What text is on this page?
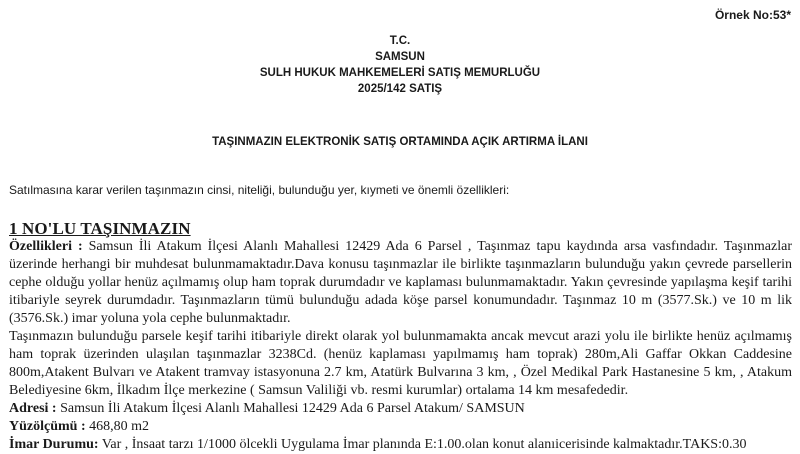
Örnek No:53*
T.C.
SAMSUN
SULH HUKUK MAHKEMELERİ SATIŞ MEMURLUĞU
2025/142 SATIŞ
TAŞINMAZIN ELEKTRONİK SATIŞ ORTAMINDA AÇIK ARTIRMA İLANI
Satılmasına karar verilen taşınmazın cinsi, niteliği, bulunduğu yer, kıymeti ve önemli özellikleri:
1 NO'LU TAŞINMAZIN

Özellikleri : Samsun İli Atakum İlçesi Alanlı Mahallesi 12429 Ada 6 Parsel , Taşınmaz tapu kaydında arsa vasfındadır. Taşınmazlar üzerinde herhangi bir muhdesat bulunmamaktadır.Dava konusu taşınmazlar ile birlikte taşınmazların bulunduğu yakın çevrede parsellerin cephe olduğu yollar henüz açılmamış olup ham toprak durumdadır ve kaplaması bulunmamaktadır. Yakın çevresinde yapılaşma keşif tarihi itibariyle seyrek durumdadır. Taşınmazların tümü bulunduğu adada köşe parsel konumundadır. Taşınmaz 10 m (3577.Sk.) ve 10 m lik (3576.Sk.) imar yoluna yola cephe bulunmaktadır.

Taşınmazın bulunduğu parsele keşif tarihi itibariyle direkt olarak yol bulunmamakta ancak mevcut arazi yolu ile birlikte henüz açılmamış ham toprak üzerinden ulaşılan taşınmazlar 3238Cd. (henüz kaplaması yapılmamış ham toprak) 280m,Ali Gaffar Okkan Caddesine 800m,Atakent Bulvarı ve Atakent tramvay istasyonuna 2.7 km, Atatürk Bulvarına 3 km, , Özel Medikal Park Hastanesine 5 km, , Atakum Belediyesine 6km, İlkadım İlçe merkezine ( Samsun Valiliği vb. resmi kurumlar) ortalama 14 km mesafededir.

Adresi : Samsun İli Atakum İlçesi Alanlı Mahallesi 12429 Ada 6 Parsel Atakum/ SAMSUN

Yüzölçümü : 468,80 m2

İmar Durumu: Var , İnsaat tarzı 1/1000 ölcekli Uygulama İmar planında E:1.00.olan konut alanıicerisinde kalmaktadır.TAKS:0.30
